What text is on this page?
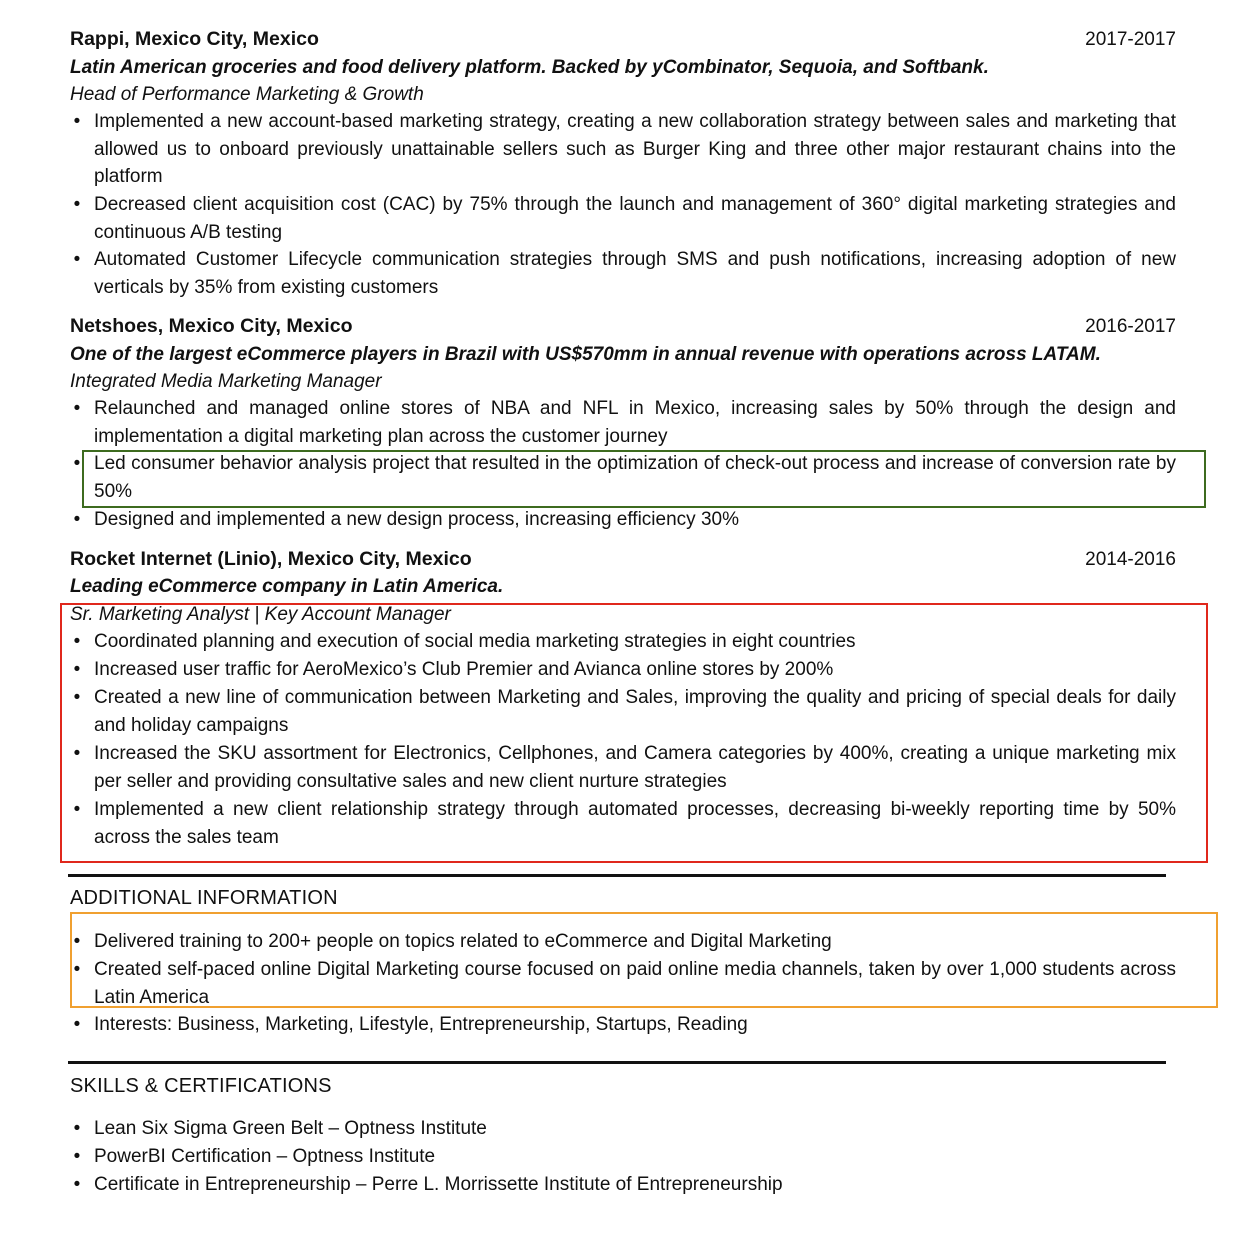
Rappi, Mexico City, Mexico	2017-2017
Latin American groceries and food delivery platform. Backed by yCombinator, Sequoia, and Softbank.
Head of Performance Marketing & Growth
• Implemented a new account-based marketing strategy, creating a new collaboration strategy between sales and marketing that allowed us to onboard previously unattainable sellers such as Burger King and three other major restaurant chains into the platform
• Decreased client acquisition cost (CAC) by 75% through the launch and management of 360° digital marketing strategies and continuous A/B testing
• Automated Customer Lifecycle communication strategies through SMS and push notifications, increasing adoption of new verticals by 35% from existing customers
Netshoes, Mexico City, Mexico	2016-2017
One of the largest eCommerce players in Brazil with US$570mm in annual revenue with operations across LATAM.
Integrated Media Marketing Manager
• Relaunched and managed online stores of NBA and NFL in Mexico, increasing sales by 50% through the design and implementation a digital marketing plan across the customer journey
• Led consumer behavior analysis project that resulted in the optimization of check-out process and increase of conversion rate by 50%
• Designed and implemented a new design process, increasing efficiency 30%
Rocket Internet (Linio), Mexico City, Mexico	2014-2016
Leading eCommerce company in Latin America.
Sr. Marketing Analyst | Key Account Manager
• Coordinated planning and execution of social media marketing strategies in eight countries
• Increased user traffic for AeroMexico’s Club Premier and Avianca online stores by 200%
• Created a new line of communication between Marketing and Sales, improving the quality and pricing of special deals for daily and holiday campaigns
• Increased the SKU assortment for Electronics, Cellphones, and Camera categories by 400%, creating a unique marketing mix per seller and providing consultative sales and new client nurture strategies
• Implemented a new client relationship strategy through automated processes, decreasing bi-weekly reporting time by 50% across the sales team
ADDITIONAL INFORMATION
• Delivered training to 200+ people on topics related to eCommerce and Digital Marketing
• Created self-paced online Digital Marketing course focused on paid online media channels, taken by over 1,000 students across Latin America
• Interests: Business, Marketing, Lifestyle, Entrepreneurship, Startups, Reading
SKILLS & CERTIFICATIONS
• Lean Six Sigma Green Belt – Optness Institute
• PowerBI Certification – Optness Institute
• Certificate in Entrepreneurship – Perre L. Morrissette Institute of Entrepreneurship
